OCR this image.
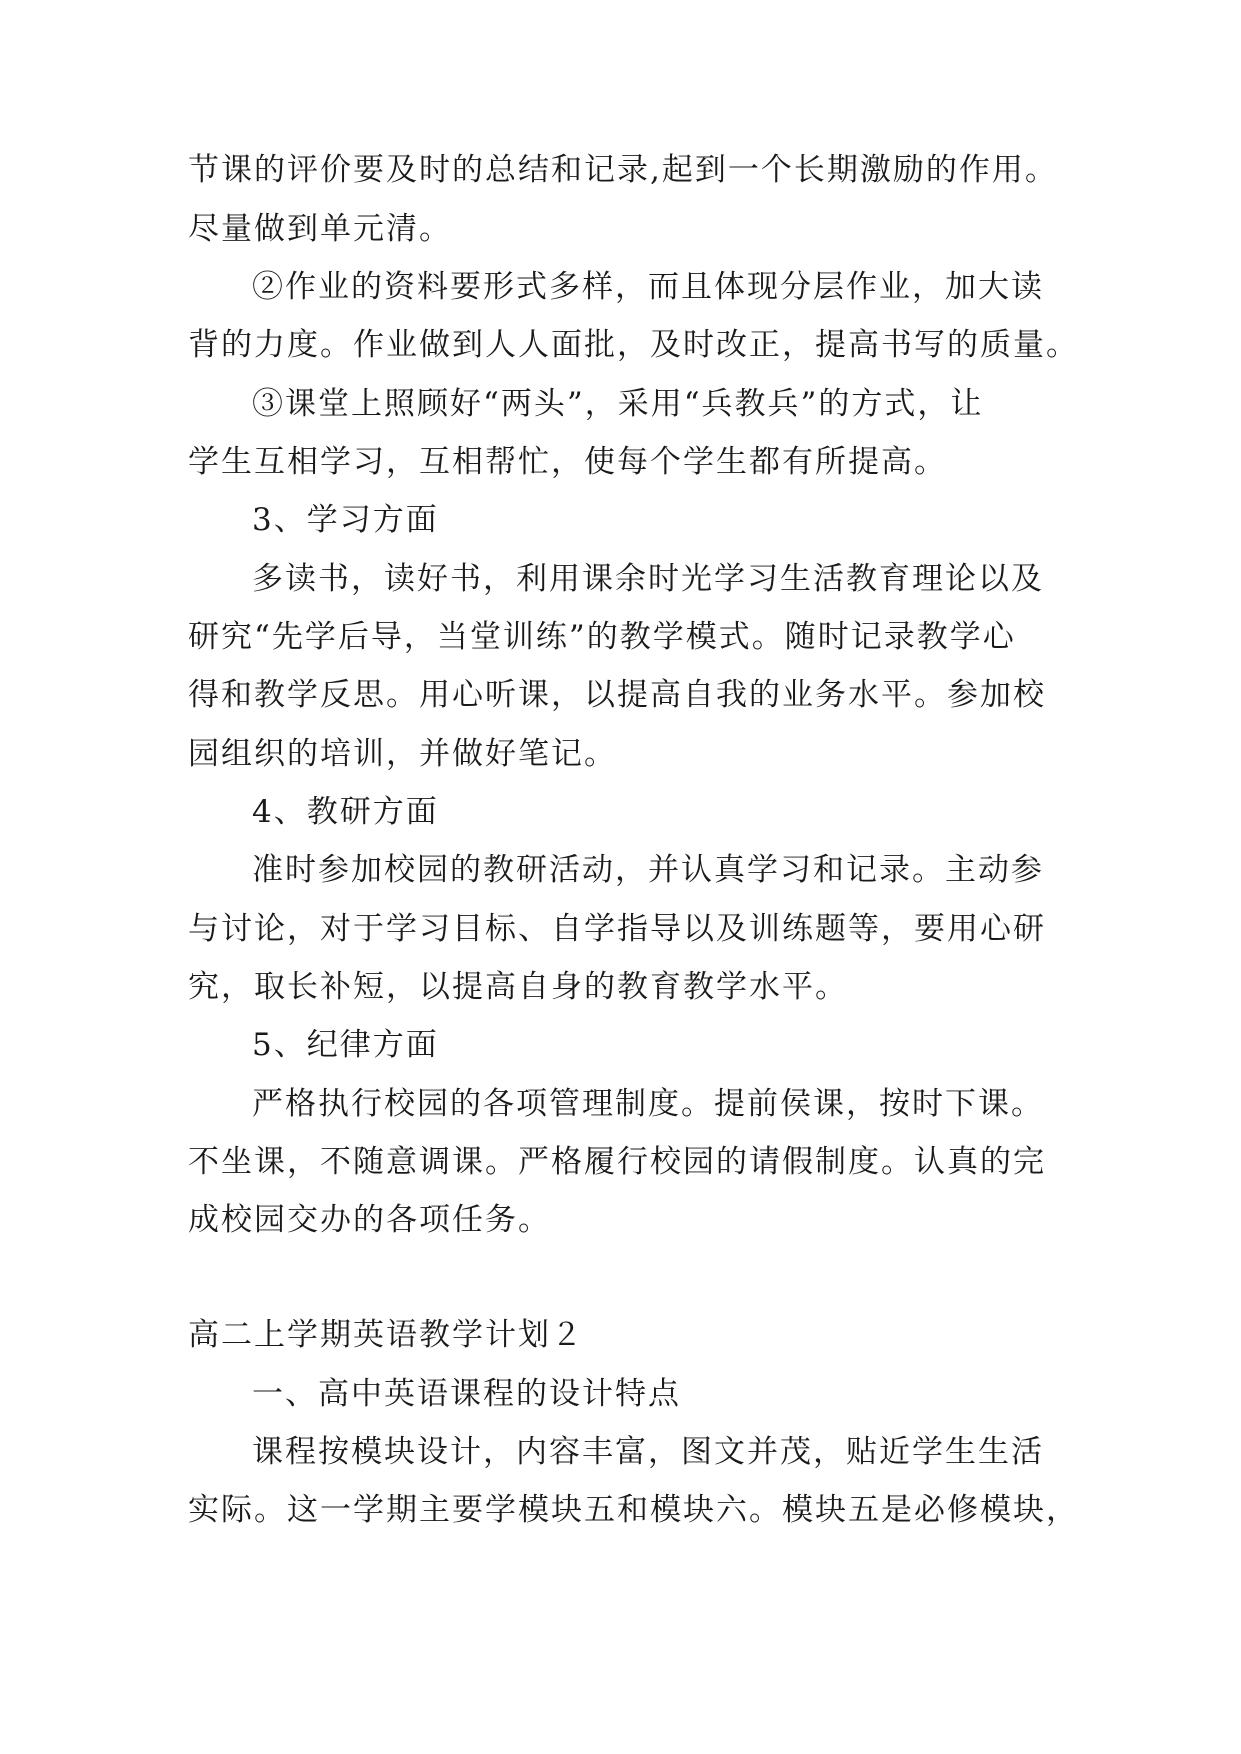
节课的评价要及时的总结和记录,起到一个长期激励的作用。

尽量做到单元清。

②作业的资料要形式多样，而且体现分层作业，加大读

背的力度。作业做到人人面批，及时改正，提高书写的质量。

③课堂上照顾好“两头”，采用“兵教兵”的方式，让

学生互相学习，互相帮忙，使每个学生都有所提高。

3、学习方面

多读书，读好书，利用课余时光学习生活教育理论以及

研究“先学后导，当堂训练”的教学模式。随时记录教学心

得和教学反思。用心听课，以提高自我的业务水平。参加校

园组织的培训，并做好笔记。

4、教研方面

准时参加校园的教研活动，并认真学习和记录。主动参

与讨论，对于学习目标、自学指导以及训练题等，要用心研

究，取长补短，以提高自身的教育教学水平。

5、纪律方面

严格执行校园的各项管理制度。提前侯课，按时下课。

不坐课，不随意调课。严格履行校园的请假制度。认真的完

成校园交办的各项任务。

高二上学期英语教学计划２

一、高中英语课程的设计特点

课程按模块设计，内容丰富，图文并茂，贴近学生生活

实际。这一学期主要学模块五和模块六。模块五是必修模块，
